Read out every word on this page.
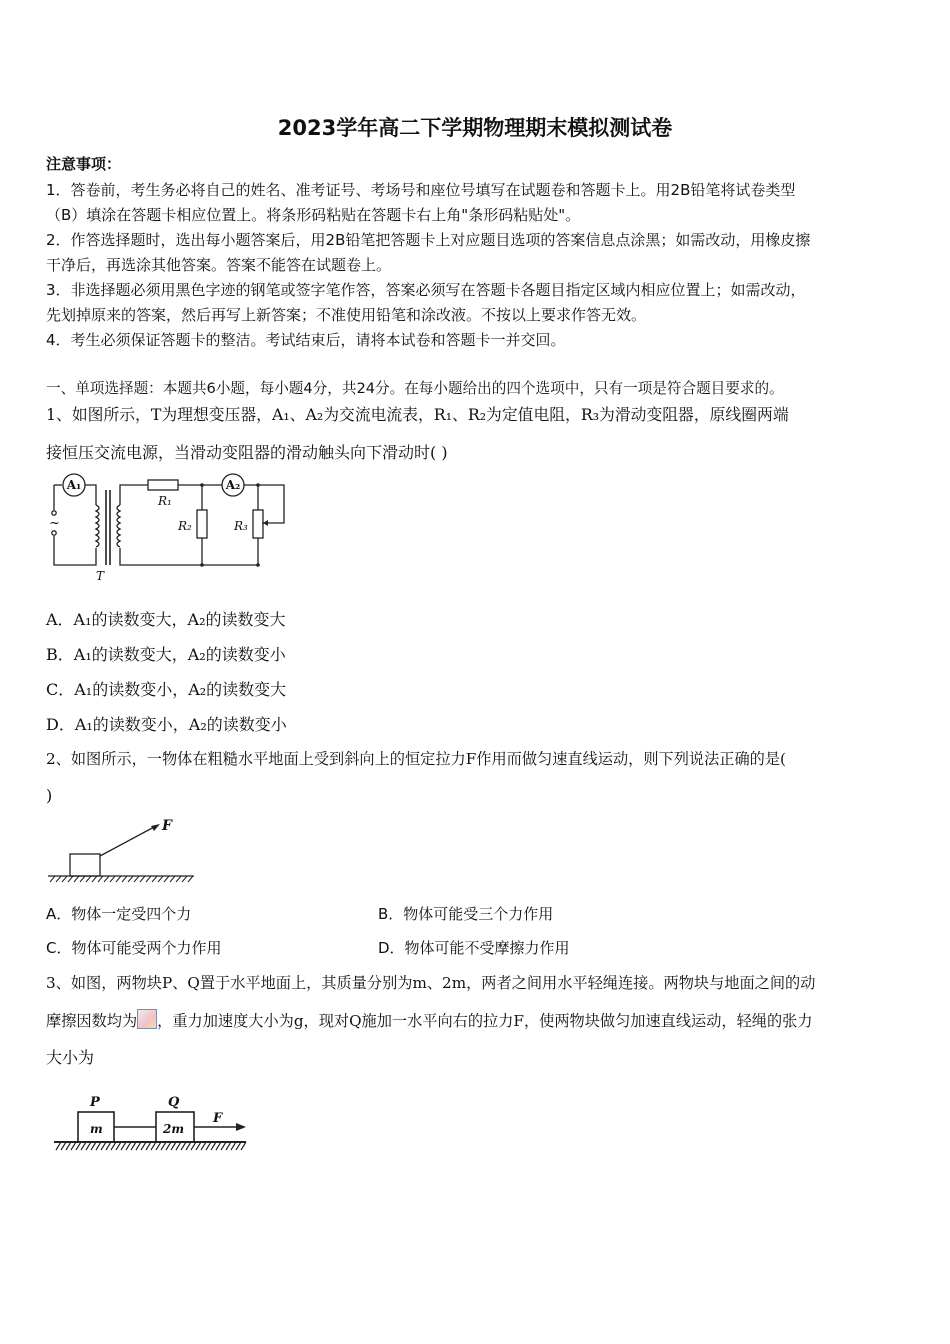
2023学年高二下学期物理期末模拟测试卷
注意事项：
1．答卷前，考生务必将自己的姓名、准考证号、考场号和座位号填写在试题卷和答题卡上。用2B铅笔将试卷类型
（B）填涂在答题卡相应位置上。将条形码粘贴在答题卡右上角"条形码粘贴处"。
2．作答选择题时，选出每小题答案后，用2B铅笔把答题卡上对应题目选项的答案信息点涂黑；如需改动，用橡皮擦
干净后，再选涂其他答案。答案不能答在试题卷上。
3．非选择题必须用黑色字迹的钢笔或签字笔作答，答案必须写在答题卡各题目指定区域内相应位置上；如需改动，
先划掉原来的答案，然后再写上新答案；不准使用铅笔和涂改液。不按以上要求作答无效。
4．考生必须保证答题卡的整洁。考试结束后，请将本试卷和答题卡一并交回。
一、单项选择题：本题共6小题，每小题4分，共24分。在每小题给出的四个选项中，只有一项是符合题目要求的。
1、如图所示，T为理想变压器，A₁、A₂为交流电流表，R₁、R₂为定值电阻，R₃为滑动变阻器，原线圈两端
接恒压交流电源，当滑动变阻器的滑动触头向下滑动时( )
A₁	A₂
R₁
R₂	R₃
T
~
A．A₁的读数变大，A₂的读数变大
B．A₁的读数变大，A₂的读数变小
C．A₁的读数变小，A₂的读数变大
D．A₁的读数变小，A₂的读数变小
2、如图所示，一物体在粗糙水平地面上受到斜向上的恒定拉力F作用而做匀速直线运动，则下列说法正确的是(
)
F
A．物体一定受四个力	B．物体可能受三个力作用
C．物体可能受两个力作用	D．物体可能不受摩擦力作用
3、如图，两物块P、Q置于水平地面上，其质量分别为m、2m，两者之间用水平轻绳连接。两物块与地面之间的动
摩擦因数均为 ，重力加速度大小为g，现对Q施加一水平向右的拉力F，使两物块做匀加速直线运动，轻绳的张力
大小为
P	Q
m	2m
F
